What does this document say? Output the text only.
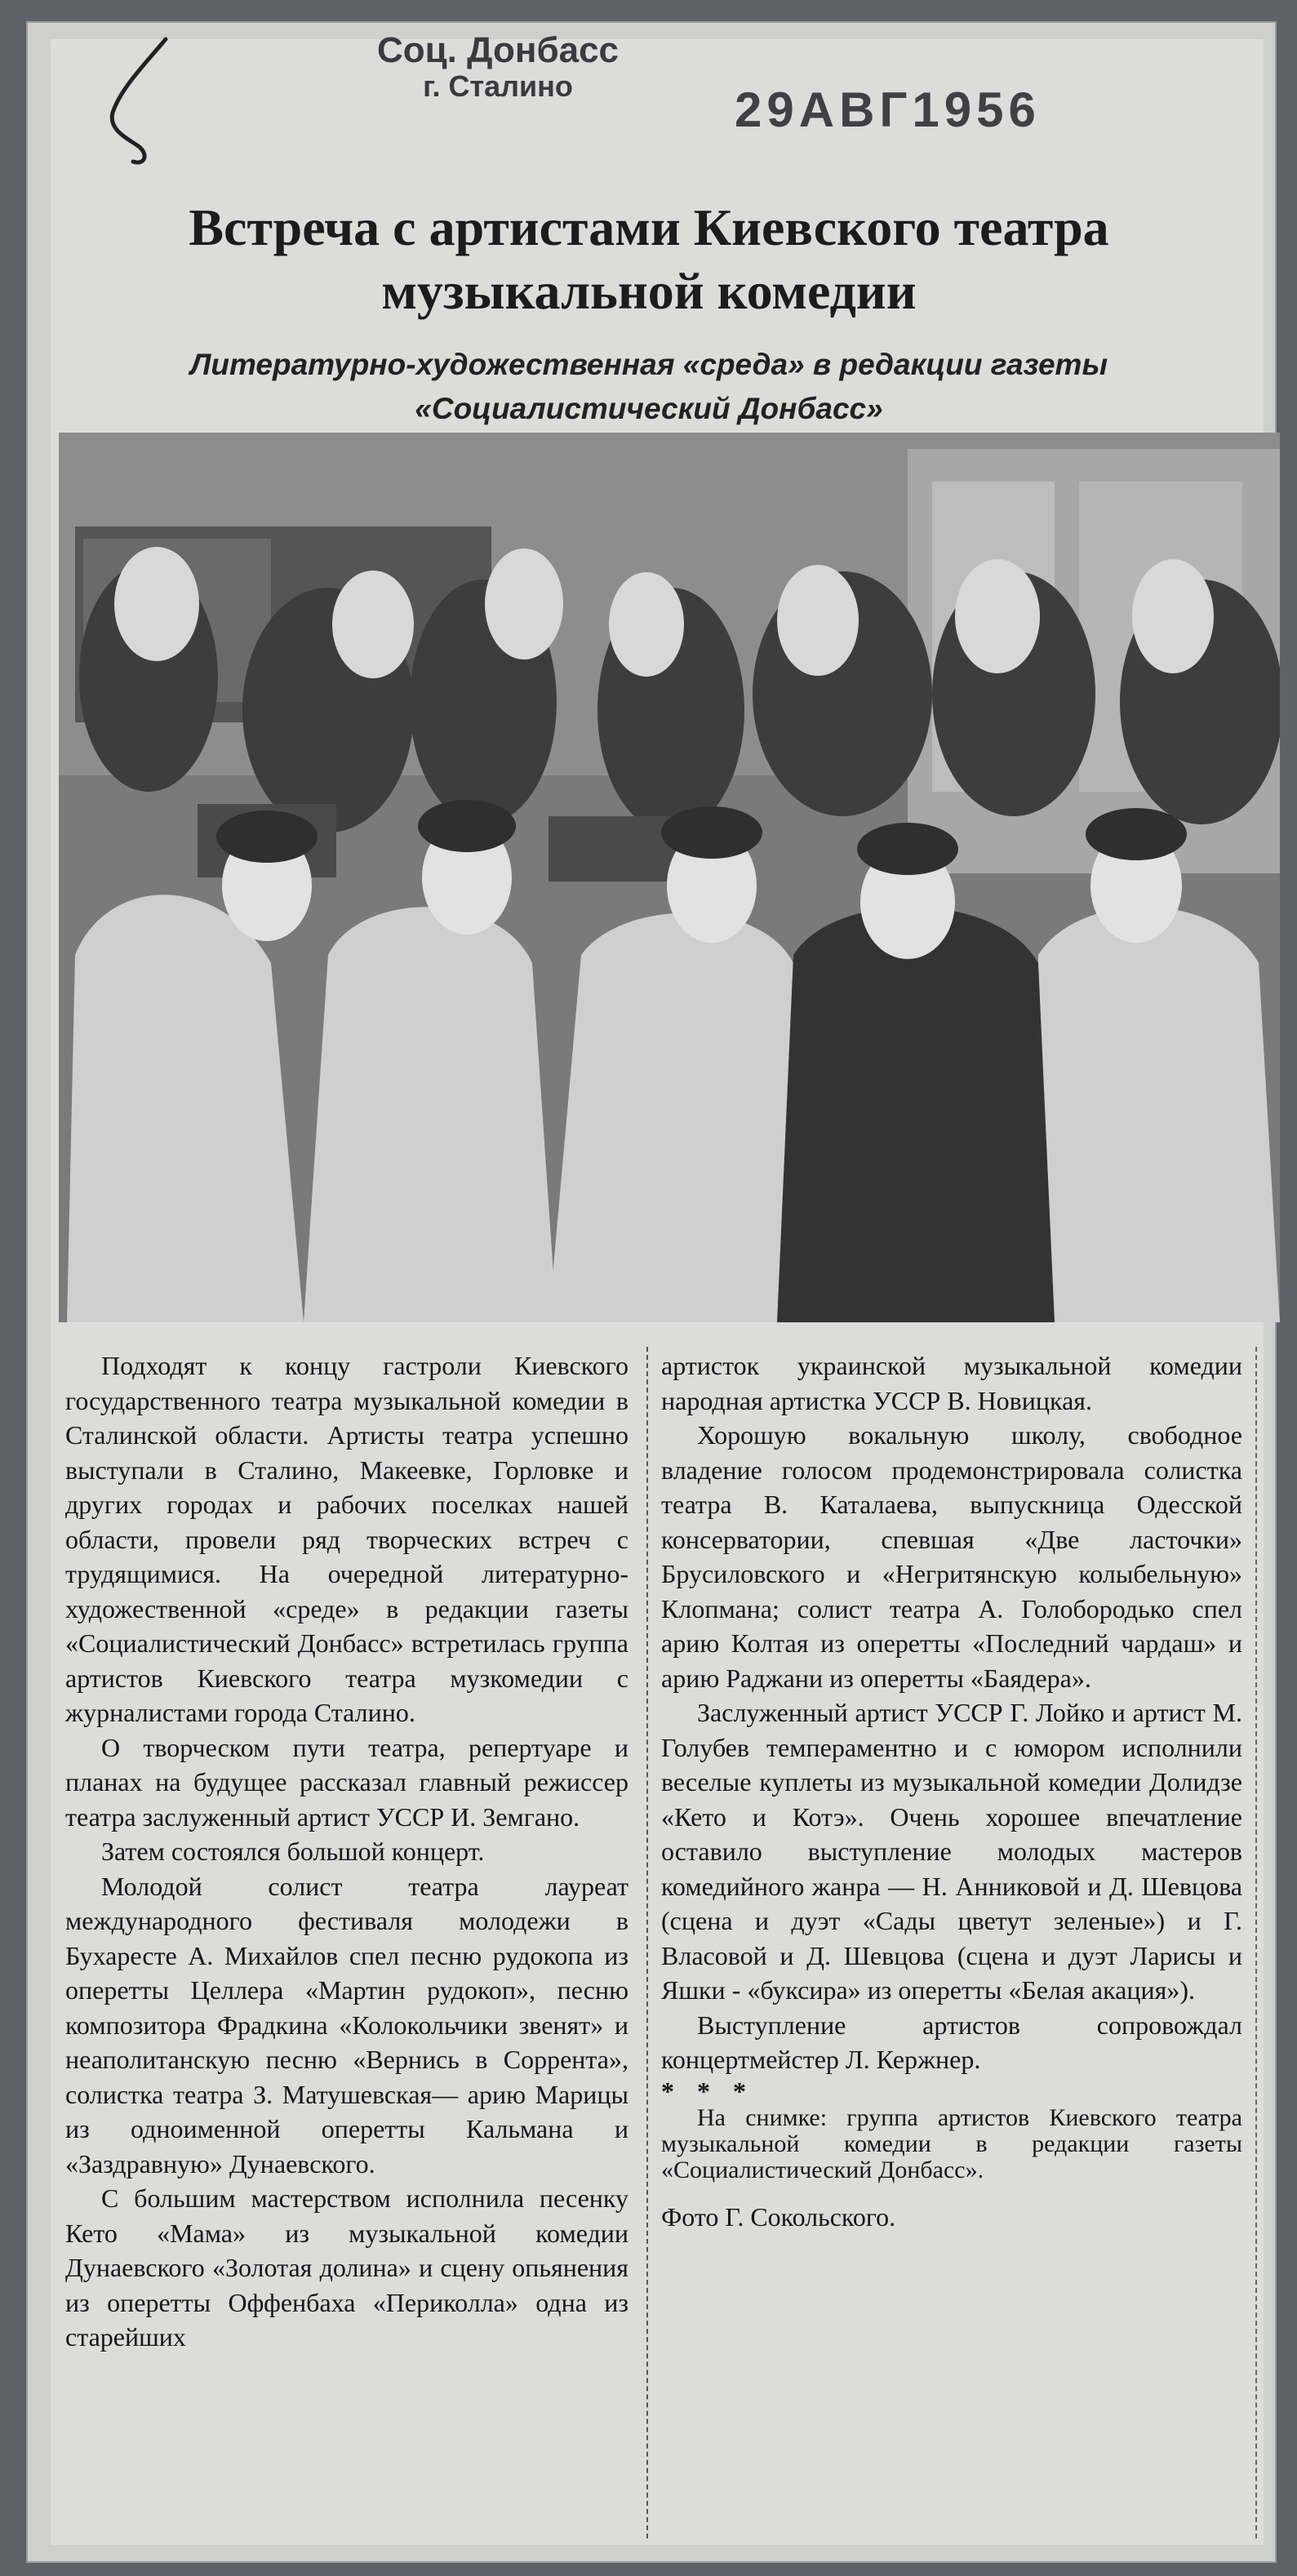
Соц. Донбасс
г. Сталино	29АВГ1956
Встреча с артистами Киевского театра музыкальной комедии
Литературно-художественная «среда» в редакции газеты «Социалистический Донбасс»

Подходят к концу гастроли Киевского государственного театра музыкальной комедии в Сталинской области. Артисты театра успешно выступали в Сталино, Макеевке, Горловке и других городах и рабочих поселках нашей области, провели ряд творческих встреч с трудящимися. На очередной литературно-художественной «среде» в редакции газеты «Социалистический Донбасс» встретилась группа артистов Киевского театра музкомедии с журналистами города Сталино.

О творческом пути театра, репертуаре и планах на будущее рассказал главный режиссер театра заслуженный артист УССР И. Земгано.

Затем состоялся большой концерт.

Молодой солист театра лауреат международного фестиваля молодежи в Бухаресте А. Михайлов спел песню рудокопа из оперетты Целлера «Мартин рудокоп», песню композитора Фрадкина «Колокольчики звенят» и неаполитанскую песню «Вернись в Соррента», солистка театра З. Матушевская— арию Марицы из одноименной оперетты Кальмана и «Заздравную» Дунаевского.

С большим мастерством исполнила песенку Кето «Мама» из музыкальной комедии Дунаевского «Золотая долина» и сцену опьянения из оперетты Оффенбаха «Периколла» одна из старейших

артисток украинской музыкальной комедии народная артистка УССР В. Новицкая.

Хорошую вокальную школу, свободное владение голосом продемонстрировала солистка театра В. Каталаева, выпускница Одесской консерватории, спевшая «Две ласточки» Брусиловского и «Негритянскую колыбельную» Клопмана; солист театра А. Голобородько спел арию Колтая из оперетты «Последний чардаш» и арию Раджани из оперетты «Баядера».

Заслуженный артист УССР Г. Лойко и артист М. Голубев темпераментно и с юмором исполнили веселые куплеты из музыкальной комедии Долидзе «Кето и Котэ». Очень хорошее впечатление оставило выступление молодых мастеров комедийного жанра — Н. Анниковой и Д. Шевцова (сцена и дуэт «Сады цветут зеленые») и Г. Власовой и Д. Шевцова (сцена и дуэт Ларисы и Яшки - «буксира» из оперетты «Белая акация»).

Выступление артистов сопровождал концертмейстер Л. Кержнер.

* * *

На снимке: группа артистов Киевского театра музыкальной комедии в редакции газеты «Социалистический Донбасс».

Фото Г. Сокольского.
